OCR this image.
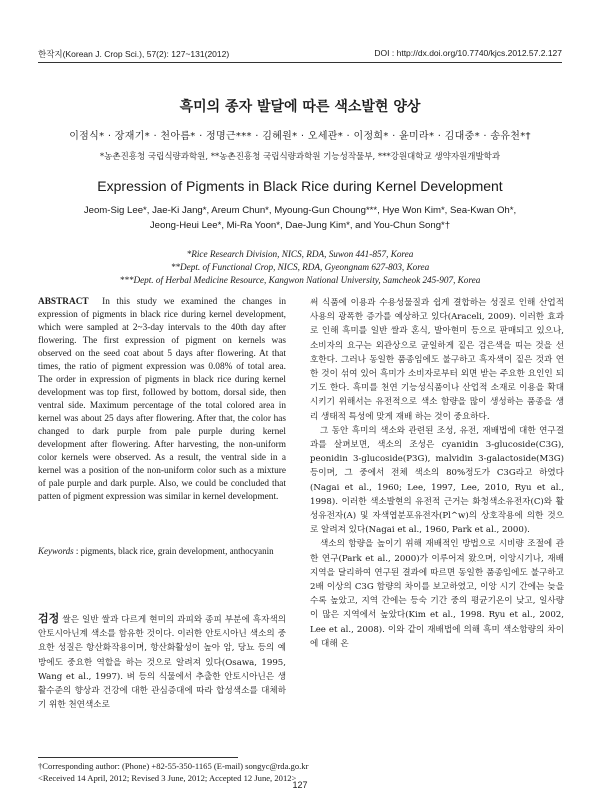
한작지(Korean J. Crop Sci.), 57(2): 127~131(2012)	DOI : http://dx.doi.org/10.7740/kjcs.2012.57.2.127
흑미의 종자 발달에 따른 색소발현 양상
이점식* · 장재기* · 천아름* · 정명근*** · 김혜원* · 오세관* · 이정희* · 윤미라* · 김대중* · 송유천*†
*농촌진흥청 국립식량과학원, **농촌진흥청 국립식량과학원 기능성작물부, ***강원대학교 생약자원개발학과
Expression of Pigments in Black Rice during Kernel Development
Jeom-Sig Lee*, Jae-Ki Jang*, Areum Chun*, Myoung-Gun Choung***, Hye Won Kim*, Sea-Kwan Oh*,
Jeong-Heui Lee*, Mi-Ra Yoon*, Dae-Jung Kim*, and You-Chun Song*†
*Rice Research Division, NICS, RDA, Suwon 441-857, Korea
**Dept. of Functional Crop, NICS, RDA, Gyeongnam 627-803, Korea
***Dept. of Herbal Medicine Resource, Kangwon National University, Samcheok 245-907, Korea
ABSTRACT In this study we examined the changes in expression of pigments in black rice during kernel development, which were sampled at 2~3-day intervals to the 40th day after flowering. The first expression of pigment on kernels was observed on the seed coat about 5 days after flowering. At that times, the ratio of pigment expression was 0.08% of total area. The order in expression of pigments in black rice during kernel development was top first, followed by bottom, dorsal side, then ventral side. Maximum percentage of the total colored area in kernel was about 25 days after flowering. After that, the color has changed to dark purple from pale purple during kernel development after flowering. After harvesting, the non-uniform color kernels were observed. As a result, the ventral side in a kernel was a position of the non-uniform color such as a mixture of pale purple and dark purple. Also, we could be concluded that patten of pigment expression was similar in kernel development.
Keywords : pigments, black rice, grain development, anthocyanin
검정 쌀은 일반 쌀과 다르게 현미의 과피와 종피 부분에 흑자색의 안토시아닌계 색소를 함유한 것이다. 이러한 안토시아닌 색소의 중요한 성질은 항산화작용이며, 항산화활성이 높아 암, 당뇨 등의 예방에도 중요한 역할을 하는 것으로 알려져 있다(Osawa, 1995, Wang et al., 1997). 벼 등의 식물에서 추출한 안토시아닌은 생활수준의 향상과 건강에 대한 관심증대에 따라 합성색소를 대체하기 위한 천연색소로

써 식품에 이용과 수용성물질과 쉽게 결합하는 성질로 인해 산업적 사용의 광폭한 증가를 예상하고 있다(Araceli, 2009). 이러한 효과로 인해 흑미를 일반 쌀과 혼식, 발아현미 등으로 판매되고 있으나, 소비자의 요구는 외관상으로 균일하게 짙은 검은색을 띠는 것을 선호한다. 그러나 동일한 품종임에도 불구하고 흑자색이 짙은 것과 연한 것이 섞여 있어 흑미가 소비자로부터 외면 받는 주요한 요인인 되기도 한다. 흑미를 천연 기능성식품이나 산업적 소재로 이용을 확대시키기 위해서는 유전적으로 색소 함량을 많이 생성하는 품종을 생리 생태적 특성에 맞게 재배 하는 것이 중요하다.

그 동안 흑미의 색소와 관련된 조성, 유전, 재배법에 대한 연구결과를 살펴보면, 색소의 조성은 cyanidin 3-glucoside(C3G), peonidin 3-glucoside(P3G), malvidin 3-galactoside(M3G) 등이며, 그 중에서 전체 색소의 80%정도가 C3G라고 하였다(Nagai et al., 1960; Lee, 1997, Lee, 2010, Ryu et al., 1998). 이러한 색소발현의 유전적 근거는 화청색소유전자(C)와 활성유전자(A) 및 자색엽분포유전자(Pl^w)의 상호작용에 의한 것으로 알려져 있다(Nagai et al., 1960, Park et al., 2000).

색소의 함량을 높이기 위해 재배적인 방법으로 시비량 조절에 관한 연구(Park et al., 2000)가 이루어져 왔으며, 이앙시기나, 재배지역을 달리하여 연구된 결과에 따르면 동일한 품종임에도 불구하고 2배 이상의 C3G 함량의 차이를 보고하였고, 이앙 시기 간에는 늦을수록 높았고, 지역 간에는 등숙 기간 중의 평균기온이 낮고, 일사량이 많은 지역에서 높았다(Kim et al., 1998. Ryu et al., 2002, Lee et al., 2008). 이와 같이 재배법에 의해 흑미 색소함량의 차이에 대해 온

†Corresponding author: (Phone) +82-55-350-1165 (E-mail) songyc@rda.go.kr
<Received 14 April, 2012; Revised 3 June, 2012; Accepted 12 June, 2012>
127
